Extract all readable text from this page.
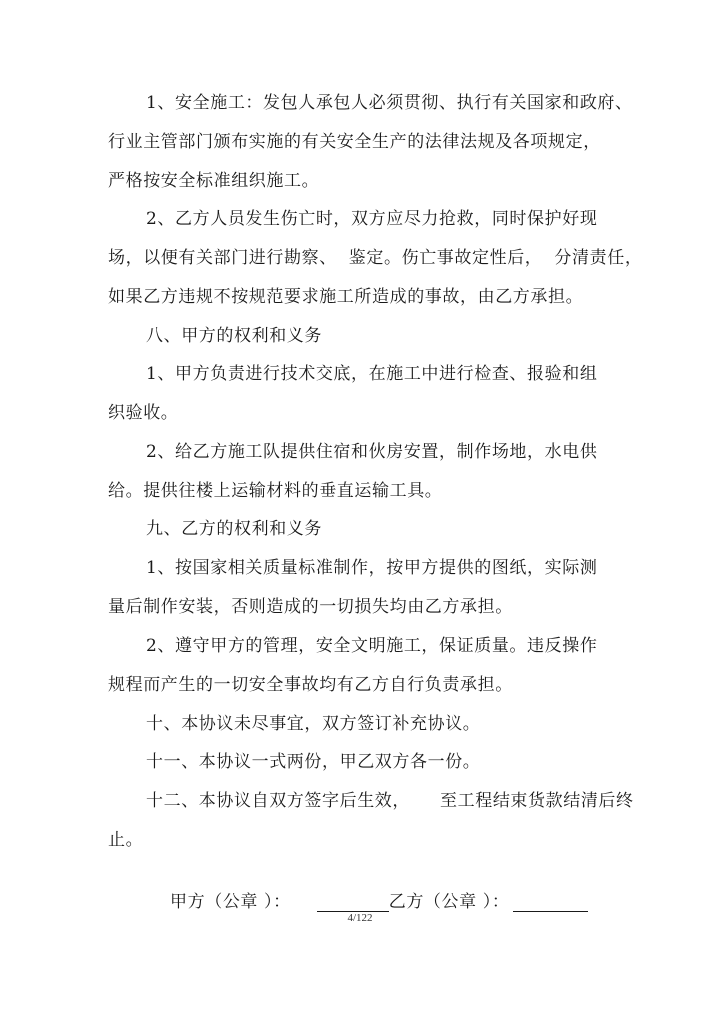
1、安全施工：发包人承包人必须贯彻、执行有关国家和政府、
行业主管部门颁布实施的有关安全生产的法律法规及各项规定，
严格按安全标准组织施工。
2、乙方人员发生伤亡时，双方应尽力抢救，同时保护好现
场，以便有关部门进行勘察、  鉴定。伤亡事故定性后，  分清责任，
如果乙方违规不按规范要求施工所造成的事故，由乙方承担。
八、甲方的权利和义务
1、甲方负责进行技术交底，在施工中进行检查、报验和组
织验收。
2、给乙方施工队提供住宿和伙房安置，制作场地，水电供
给。提供往楼上运输材料的垂直运输工具。
九、乙方的权利和义务
1、按国家相关质量标准制作，按甲方提供的图纸，实际测
量后制作安装，否则造成的一切损失均由乙方承担。
2、遵守甲方的管理，安全文明施工，保证质量。违反操作
规程而产生的一切安全事故均有乙方自行负责承担。
十、本协议未尽事宜，双方签订补充协议。
十一、本协议一式两份，甲乙双方各一份。
十二、本协议自双方签字后生效，     至工程结束货款结清后终
止。

甲方（公章 ）：	乙方（公章 ）：

4/122
